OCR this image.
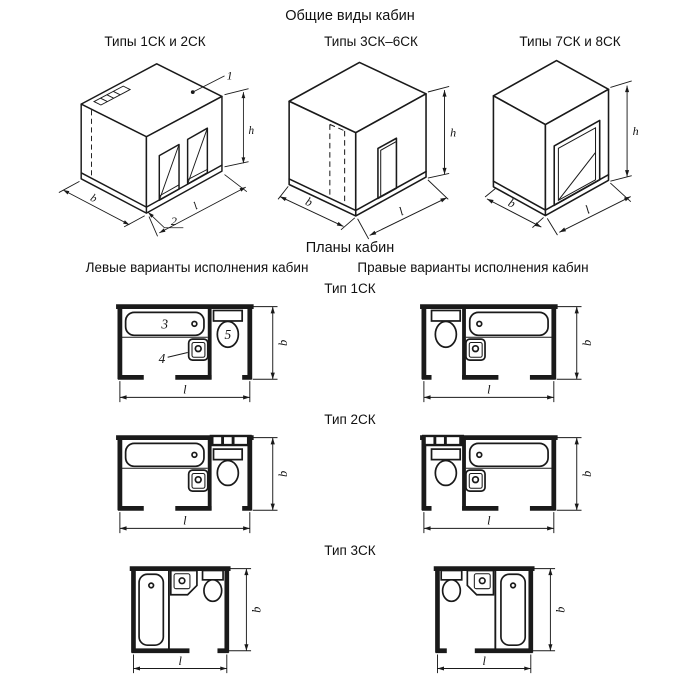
Общие виды кабин
Типы 1СК и 2СК
1
2
h
b
l
Типы 3СК–6СК
h
b
l
Типы 7СК и 8СК
h
b	l
Планы кабин
Левые варианты исполнения кабин	Правые варианты исполнения кабин
Тип 1СК
3
4
5
b
l
b
l
Тип 2СК
b
l
b
l
Тип 3СК
b
l
b
l
